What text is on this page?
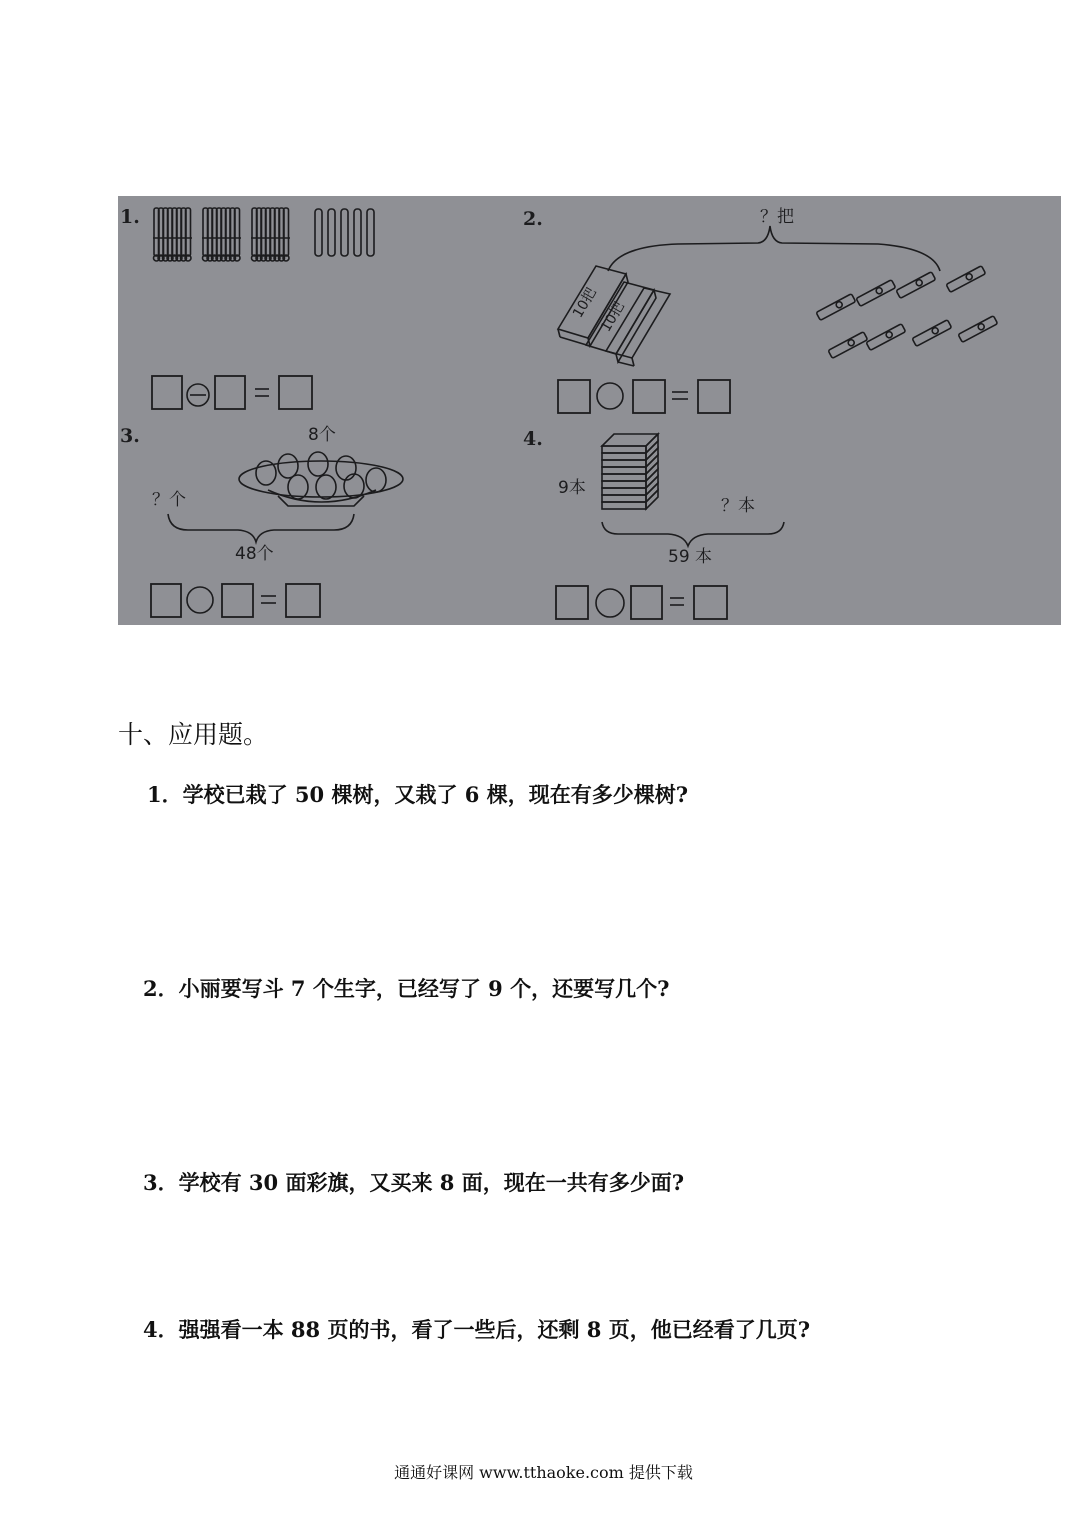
1.	2.	？把
10把
10把
3.	8个
？个
48个
4.
9本
？本
59 本
十、应用题。
1．学校已栽了 50 棵树，又栽了 6 棵，现在有多少棵树?
2．小丽要写斗 7 个生字，已经写了 9 个，还要写几个?
3．学校有 30 面彩旗，又买来 8 面，现在一共有多少面?
4．强强看一本 88 页的书，看了一些后，还剩 8 页，他已经看了几页?
通通好课网 www.tthaoke.com 提供下载
